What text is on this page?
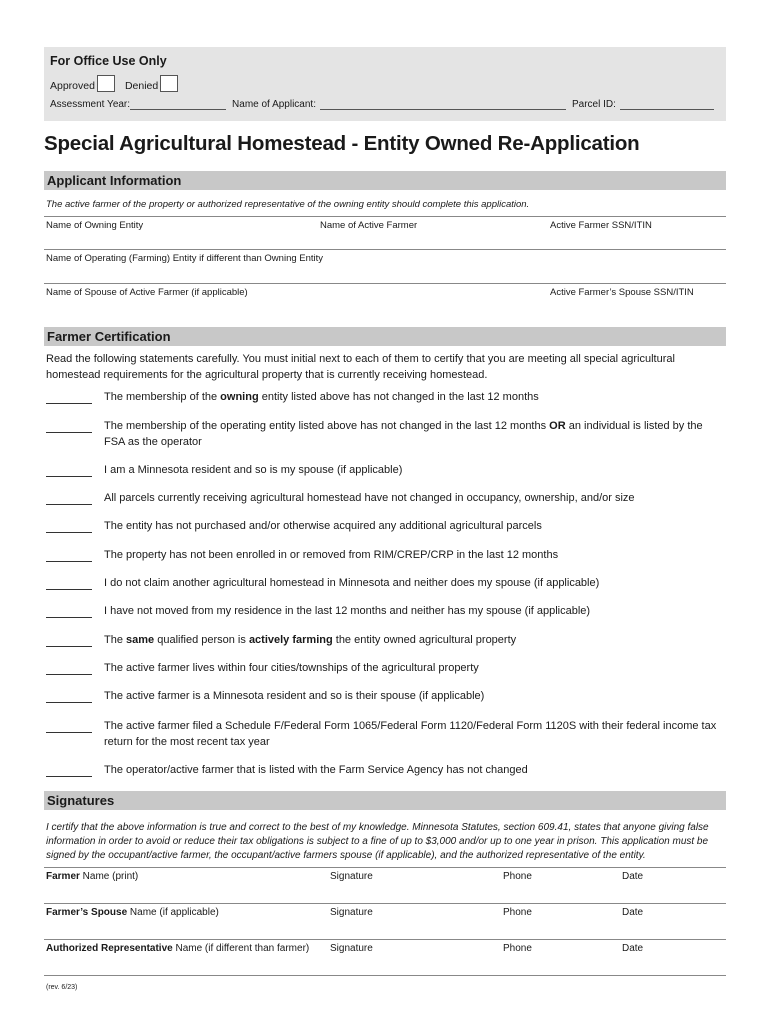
For Office Use Only
Approved	Denied
Assessment Year:	Name of Applicant:	Parcel ID:
Special Agricultural Homestead - Entity Owned Re-Application
Applicant Information
The active farmer of the property or authorized representative of the owning entity should complete this application.
Name of Owning Entity	Name of Active Farmer	Active Farmer SSN/ITIN
Name of Operating (Farming) Entity if different than Owning Entity
Name of Spouse of Active Farmer (if applicable)	Active Farmer’s Spouse SSN/ITIN
Farmer Certification
Read the following statements carefully. You must initial next to each of them to certify that you are meeting all special agricultural homestead requirements for the agricultural property that is currently receiving homestead.
The membership of the owning entity listed above has not changed in the last 12 months
The membership of the operating entity listed above has not changed in the last 12 months OR an individual is listed by the FSA as the operator
I am a Minnesota resident and so is my spouse (if applicable)
All parcels currently receiving agricultural homestead have not changed in occupancy, ownership, and/or size
The entity has not purchased and/or otherwise acquired any additional agricultural parcels
The property has not been enrolled in or removed from RIM/CREP/CRP in the last 12 months
I do not claim another agricultural homestead in Minnesota and neither does my spouse (if applicable)
I have not moved from my residence in the last 12 months and neither has my spouse (if applicable)
The same qualified person is actively farming the entity owned agricultural property
The active farmer lives within four cities/townships of the agricultural property
The active farmer is a Minnesota resident and so is their spouse (if applicable)
The active farmer filed a Schedule F/Federal Form 1065/Federal Form 1120/Federal Form 1120S with their federal income tax return for the most recent tax year
The operator/active farmer that is listed with the Farm Service Agency has not changed
Signatures
I certify that the above information is true and correct to the best of my knowledge. Minnesota Statutes, section 609.41, states that anyone giving false information in order to avoid or reduce their tax obligations is subject to a fine of up to $3,000 and/or up to one year in prison. This application must be signed by the occupant/active farmer, the occupant/active farmers spouse (if applicable), and the authorized representative of the entity.
Farmer Name (print)	Signature	Phone	Date
Farmer’s Spouse Name (if applicable)	Signature	Phone	Date
Authorized Representative Name (if different than farmer) Signature	Phone	Date
(rev. 6/23)
